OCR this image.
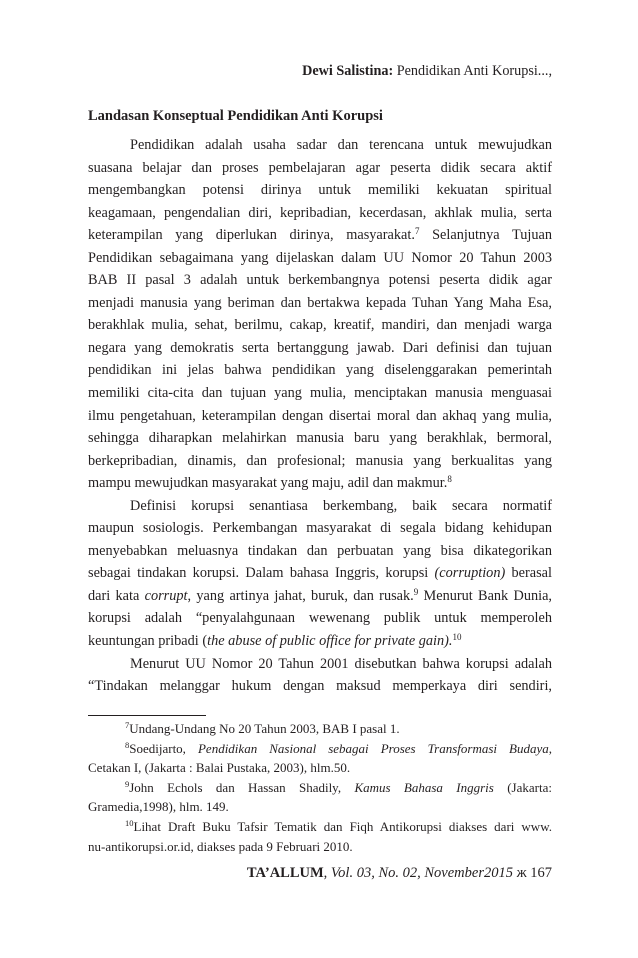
Dewi Salistina: Pendidikan Anti Korupsi...,
Landasan Konseptual Pendidikan Anti Korupsi

Pendidikan adalah usaha sadar dan terencana untuk mewujudkan

suasana belajar dan proses pembelajaran agar peserta didik secara aktif

mengembangkan potensi dirinya untuk memiliki kekuatan spiritual

keagamaan, pengendalian diri, kepribadian, kecerdasan, akhlak mulia, serta

keterampilan yang diperlukan dirinya, masyarakat.$^7$ Selanjutnya Tujuan

Pendidikan sebagaimana yang dijelaskan dalam UU Nomor 20 Tahun 2003

BAB II pasal 3 adalah untuk berkembangnya potensi peserta didik agar

menjadi manusia yang beriman dan bertakwa kepada Tuhan Yang Maha Esa,

berakhlak mulia, sehat, berilmu, cakap, kreatif, mandiri, dan menjadi warga

negara yang demokratis serta bertanggung jawab. Dari definisi dan tujuan

pendidikan ini jelas bahwa pendidikan yang diselenggarakan pemerintah

memiliki cita-cita dan tujuan yang mulia, menciptakan manusia menguasai

ilmu pengetahuan, keterampilan dengan disertai moral dan akhaq yang mulia,

sehingga diharapkan melahirkan manusia baru yang berakhlak, bermoral,

berkepribadian, dinamis, dan profesional; manusia yang berkualitas yang

mampu mewujudkan masyarakat yang maju, adil dan makmur.$^8$

Definisi korupsi senantiasa berkembang, baik secara normatif

maupun sosiologis. Perkembangan masyarakat di segala bidang kehidupan

menyebabkan meluasnya tindakan dan perbuatan yang bisa dikategorikan

sebagai tindakan korupsi. Dalam bahasa Inggris, korupsi (corruption) berasal

dari kata corrupt, yang artinya jahat, buruk, dan rusak.$^9$ Menurut Bank Dunia,

korupsi adalah “penyalahgunaan wewenang publik untuk memperoleh

keuntungan pribadi (the abuse of public office for private gain).$^{10}$

Menurut UU Nomor 20 Tahun 2001 disebutkan bahwa korupsi adalah

“Tindakan melanggar hukum dengan maksud memperkaya diri sendiri,

$^7$Undang-Undang No 20 Tahun 2003, BAB I pasal 1.

$^8$Soedijarto, Pendidikan Nasional sebagai Proses Transformasi Budaya,

Cetakan I, (Jakarta : Balai Pustaka, 2003), hlm.50.

$^9$John Echols dan Hassan Shadily, Kamus Bahasa Inggris (Jakarta:

Gramedia,1998), hlm. 149.

$^{10}$Lihat Draft Buku Tafsir Tematik dan Fiqh Antikorupsi diakses dari www.

nu-antikorupsi.or.id, diakses pada 9 Februari 2010.

TA’ALLUM, Vol. 03, No. 02, November2015 ж 167
